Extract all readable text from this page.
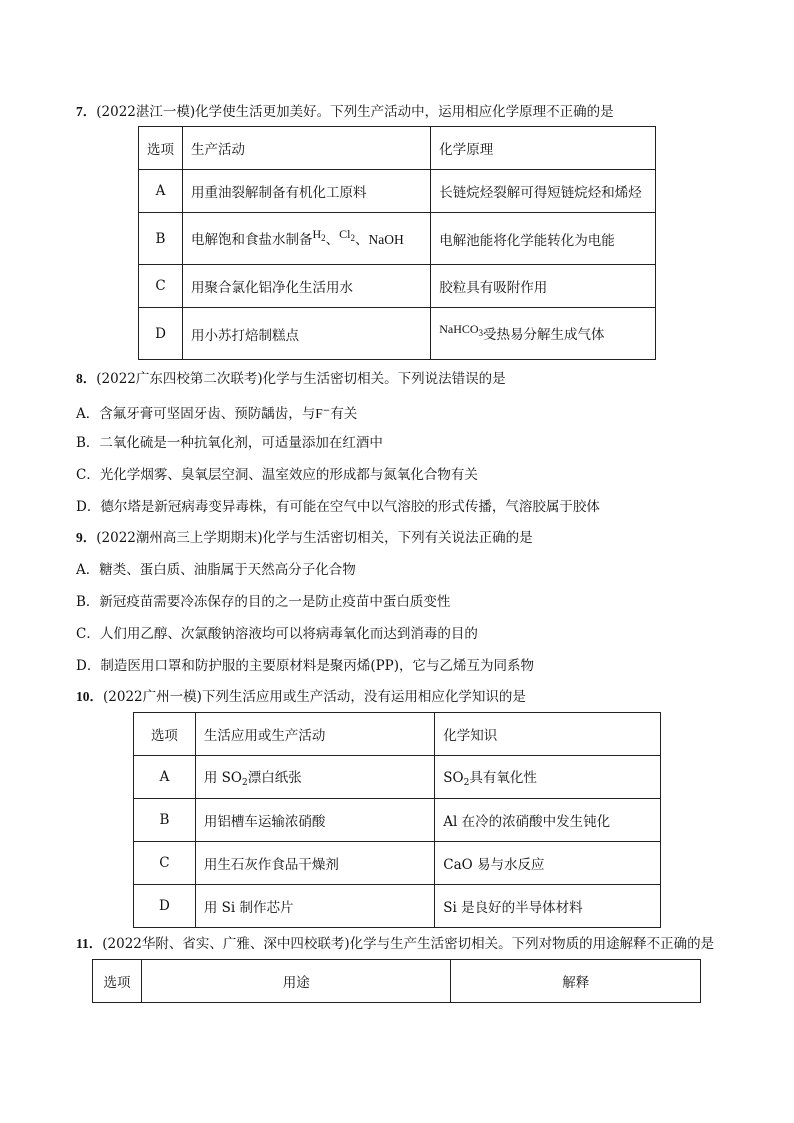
7．(2022湛江一模)化学使生活更加美好。下列生产活动中，运用相应化学原理不正确的是
选项	生产活动	化学原理
A	用重油裂解制备有机化工原料	长链烷烃裂解可得短链烷烃和烯烃
B	电解饱和食盐水制备$H_2$、$Cl_2$、NaOH	电解池能将化学能转化为电能
C	用聚合氯化铝净化生活用水	胶粒具有吸附作用
D	用小苏打焙制糕点	NaHCO$_3$受热易分解生成气体
8．(2022广东四校第二次联考)化学与生活密切相关。下列说法错误的是
A．含氟牙膏可坚固牙齿、预防龋齿，与F−有关
B．二氧化硫是一种抗氧化剂，可适量添加在红酒中
C．光化学烟雾、臭氧层空洞、温室效应的形成都与氮氧化合物有关
D．德尔塔是新冠病毒变异毒株，有可能在空气中以气溶胶的形式传播，气溶胶属于胶体
9．(2022潮州高三上学期期末)化学与生活密切相关，下列有关说法正确的是
A．糖类、蛋白质、油脂属于天然高分子化合物
B．新冠疫苗需要冷冻保存的目的之一是防止疫苗中蛋白质变性
C．人们用乙醇、次氯酸钠溶液均可以将病毒氧化而达到消毒的目的
D．制造医用口罩和防护服的主要原材料是聚丙烯(PP)，它与乙烯互为同系物
10．(2022广州一模)下列生活应用或生产活动，没有运用相应化学知识的是
选项	生活应用或生产活动	化学知识
A	用 $SO_2$漂白纸张	$SO_2$具有氧化性
B	用铝槽车运输浓硝酸	Al 在冷的浓硝酸中发生钝化
C	用生石灰作食品干燥剂	CaO 易与水反应
D	用 Si 制作芯片	Si 是良好的半导体材料
11．(2022华附、省实、广雅、深中四校联考)化学与生产生活密切相关。下列对物质的用途解释不正确的是
选项	用途	解释
